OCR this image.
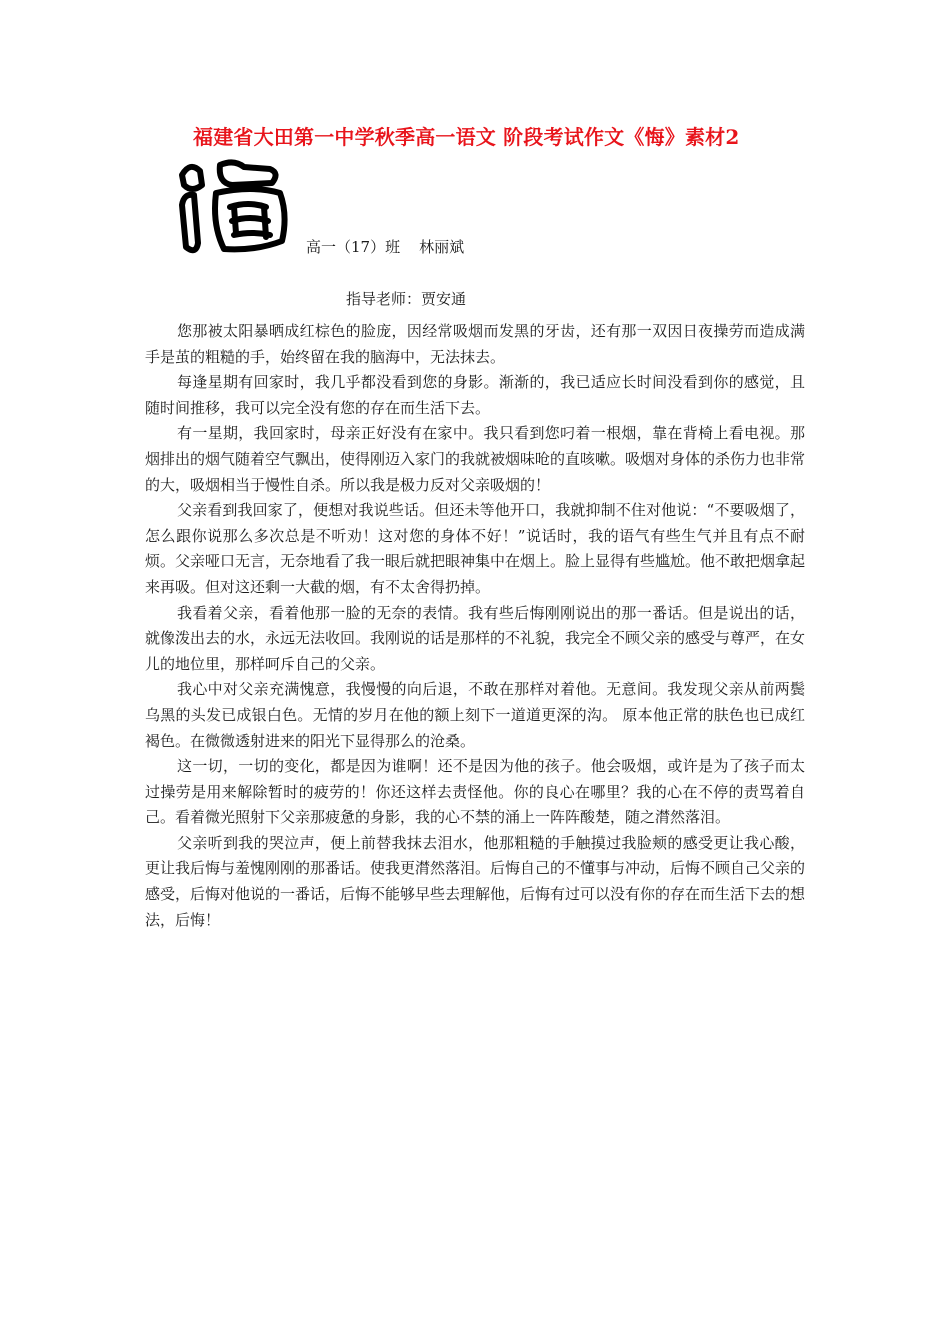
福建省大田第一中学秋季高一语文 阶段考试作文《悔》素材2
高一（17）班    林丽斌
指导老师：贾安通

您那被太阳暴晒成红棕色的脸庞，因经常吸烟而发黑的牙齿，还有那一双因日夜操劳而造成满手是茧的粗糙的手，始终留在我的脑海中，无法抹去。

每逢星期有回家时，我几乎都没看到您的身影。渐渐的，我已适应长时间没看到你的感觉，且随时间推移，我可以完全没有您的存在而生活下去。

有一星期，我回家时，母亲正好没有在家中。我只看到您叼着一根烟，靠在背椅上看电视。那烟排出的烟气随着空气飘出，使得刚迈入家门的我就被烟味呛的直咳嗽。吸烟对身体的杀伤力也非常的大，吸烟相当于慢性自杀。所以我是极力反对父亲吸烟的！

父亲看到我回家了，便想对我说些话。但还未等他开口，我就抑制不住对他说：“不要吸烟了，怎么跟你说那么多次总是不听劝！这对您的身体不好！”说话时，我的语气有些生气并且有点不耐烦。父亲哑口无言，无奈地看了我一眼后就把眼神集中在烟上。脸上显得有些尴尬。他不敢把烟拿起来再吸。但对这还剩一大截的烟，有不太舍得扔掉。

我看着父亲，看着他那一脸的无奈的表情。我有些后悔刚刚说出的那一番话。但是说出的话，就像泼出去的水，永远无法收回。我刚说的话是那样的不礼貌，我完全不顾父亲的感受与尊严，在女儿的地位里，那样呵斥自己的父亲。

我心中对父亲充满愧意，我慢慢的向后退，不敢在那样对着他。无意间。我发现父亲从前两鬓乌黑的头发已成银白色。无情的岁月在他的额上刻下一道道更深的沟。 原本他正常的肤色也已成红褐色。在微微透射进来的阳光下显得那么的沧桑。

这一切，一切的变化，都是因为谁啊！还不是因为他的孩子。他会吸烟，或许是为了孩子而太过操劳是用来解除暂时的疲劳的！你还这样去责怪他。你的良心在哪里？我的心在不停的责骂着自己。看着微光照射下父亲那疲惫的身影，我的心不禁的涌上一阵阵酸楚，随之潸然落泪。

父亲听到我的哭泣声，便上前替我抹去泪水，他那粗糙的手触摸过我脸颊的感受更让我心酸，更让我后悔与羞愧刚刚的那番话。使我更潸然落泪。后悔自己的不懂事与冲动，后悔不顾自己父亲的感受，后悔对他说的一番话，后悔不能够早些去理解他，后悔有过可以没有你的存在而生活下去的想法，后悔！
